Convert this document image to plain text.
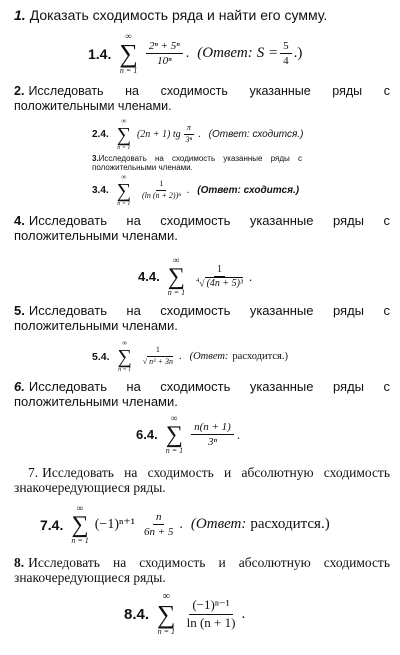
1. Доказать сходимость ряда и найти его сумму.
1.4.
∞
∑
n = 1
$\frac{\text{2ⁿ + 5ⁿ}}{\text{10ⁿ}}$ . (Ответ: $S = \frac{5}{4}$ .)
2. Исследовать на сходимость указанные ряды с положительными членами.
2.4.
∞
∑
n = 1
(2n + 1) tg $\frac{\pi}{\text{3ⁿ}}$ . (Ответ: сходится.)
3.Исследовать на сходимость указанные ряды с положительными членами.
3.4.
∞
∑
n = 1
$\frac{1}{\text{(ln (n + 2))ⁿ}}$ . (Ответ: сходится.)
4. Исследовать на сходимость указанные ряды с положительными членами.
4.4.
∞
∑
n = 1
$\frac{1}{^4√ (4n + 5)^3}$ .
5. Исследовать на сходимость указанные ряды с положительными членами.
5.4.
∞
∑
n = 1
$\frac{1}{\text{√ n³ + 3n}}$ . (Ответ: расходится.)
6. Исследовать на сходимость указанные ряды с положительными членами.
6.4.
∞
∑
n = 1
$\frac{n(n + 1)}{\text{3ⁿ}}$ .
7. Исследовать на сходимость и абсолютную сходимость знакочередующиеся ряды.
7.4.
∞
∑
n = 1
$(-1)^{n+1} \frac{n}{6n + 5}$ . (Ответ: расходится.)
8. Исследовать на сходимость и абсолютную сходимость знакочередующиеся ряды.
8.4.
∞
∑
n = 1
$\frac{\text{(−1)ⁿ⁻¹}}{\ln (n + 1)}$ .
